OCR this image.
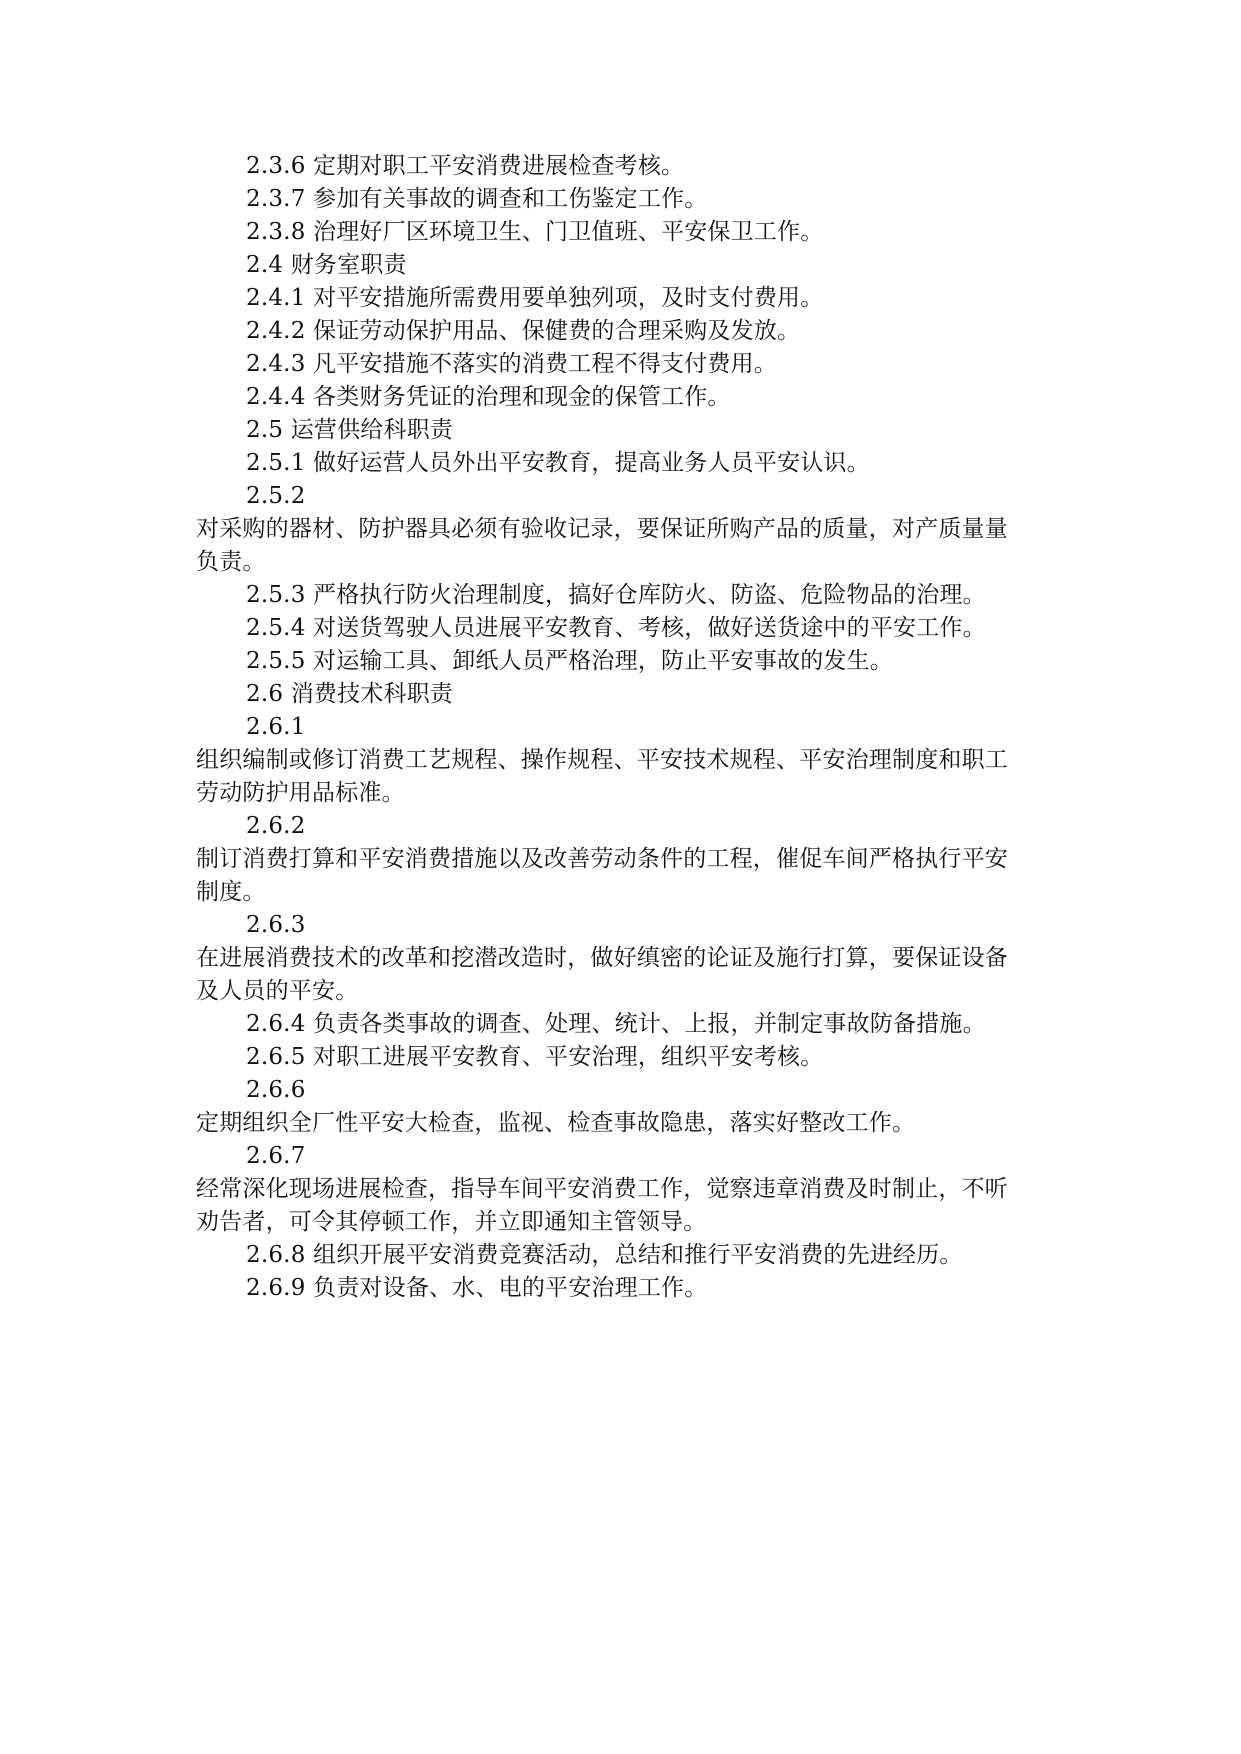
2.3.6 定期对职工平安消费进展检查考核。

2.3.7 参加有关事故的调查和工伤鉴定工作。

2.3.8 治理好厂区环境卫生、门卫值班、平安保卫工作。

2.4 财务室职责

2.4.1 对平安措施所需费用要单独列项，及时支付费用。

2.4.2 保证劳动保护用品、保健费的合理采购及发放。

2.4.3 凡平安措施不落实的消费工程不得支付费用。

2.4.4 各类财务凭证的治理和现金的保管工作。

2.5 运营供给科职责

2.5.1 做好运营人员外出平安教育，提高业务人员平安认识。

2.5.2

对采购的器材、防护器具必须有验收记录，要保证所购产品的质量，对产质量量负责。

2.5.3 严格执行防火治理制度，搞好仓库防火、防盗、危险物品的治理。

2.5.4 对送货驾驶人员进展平安教育、考核，做好送货途中的平安工作。

2.5.5 对运输工具、卸纸人员严格治理，防止平安事故的发生。

2.6 消费技术科职责

2.6.1

组织编制或修订消费工艺规程、操作规程、平安技术规程、平安治理制度和职工劳动防护用品标准。

2.6.2

制订消费打算和平安消费措施以及改善劳动条件的工程，催促车间严格执行平安制度。

2.6.3

在进展消费技术的改革和挖潜改造时，做好缜密的论证及施行打算，要保证设备及人员的平安。

2.6.4 负责各类事故的调查、处理、统计、上报，并制定事故防备措施。

2.6.5 对职工进展平安教育、平安治理，组织平安考核。

2.6.6

定期组织全厂性平安大检查，监视、检查事故隐患，落实好整改工作。

2.6.7

经常深化现场进展检查，指导车间平安消费工作，觉察违章消费及时制止，不听劝告者，可令其停顿工作，并立即通知主管领导。

2.6.8 组织开展平安消费竞赛活动，总结和推行平安消费的先进经历。

2.6.9 负责对设备、水、电的平安治理工作。
